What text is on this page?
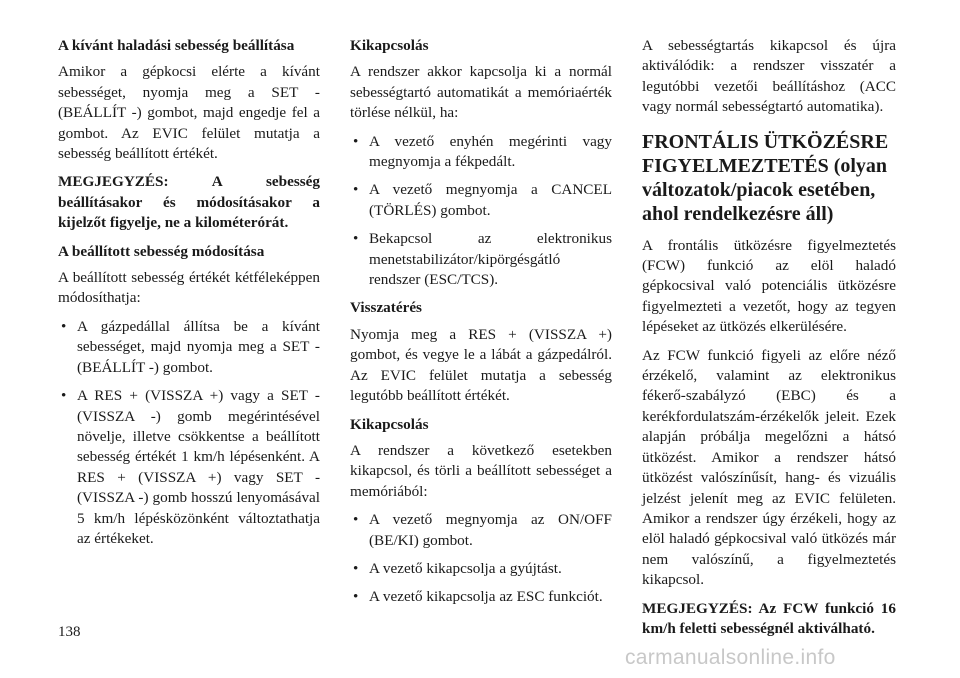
A kívánt haladási sebesség beállítása

Amikor a gépkocsi elérte a kívánt sebességet, nyomja meg a SET - (BEÁLLÍT -) gombot, majd engedje fel a gombot. Az EVIC felület mutatja a sebesség beállított értékét.

MEGJEGYZÉS: A sebesség beállításakor és módosításakor a kijelzőt figyelje, ne a kilométerórát.

A beállított sebesség módosítása

A beállított sebesség értékét kétféleképpen módosíthatja:

• A gázpedállal állítsa be a kívánt sebességet, majd nyomja meg a SET - (BEÁLLÍT -) gombot.
• A RES + (VISSZA +) vagy a SET - (VISSZA -) gomb megérintésével növelje, illetve csökkentse a beállított sebesség értékét 1 km/h lépésenként. A RES + (VISSZA +) vagy SET - (VISSZA -) gomb hosszú lenyomásával 5 km/h lépésközönként változtathatja az értékeket.

Kikapcsolás

A rendszer akkor kapcsolja ki a normál sebességtartó automatikát a memóriaérték törlése nélkül, ha:

• A vezető enyhén megérinti vagy megnyomja a fékpedált.
• A vezető megnyomja a CANCEL (TÖRLÉS) gombot.
• Bekapcsol az elektronikus menetstabilizátor/kipörgésgátló rendszer (ESC/TCS).

Visszatérés

Nyomja meg a RES + (VISSZA +) gombot, és vegye le a lábát a gázpedálról. Az EVIC felület mutatja a sebesség legutóbb beállított értékét.

Kikapcsolás

A rendszer a következő esetekben kikapcsol, és törli a beállított sebességet a memóriából:

• A vezető megnyomja az ON/OFF (BE/KI) gombot.
• A vezető kikapcsolja a gyújtást.
• A vezető kikapcsolja az ESC funkciót.

A sebességtartás kikapcsol és újra aktiválódik: a rendszer visszatér a legutóbbi vezetői beállításhoz (ACC vagy normál sebességtartó automatika).

FRONTÁLIS ÜTKÖZÉSRE FIGYELMEZTETÉS (olyan változatok/piacok esetében, ahol rendelkezésre áll)

A frontális ütközésre figyelmeztetés (FCW) funkció az elöl haladó gépkocsival való potenciális ütközésre figyelmezteti a vezetőt, hogy az tegyen lépéseket az ütközés elkerülésére.

Az FCW funkció figyeli az előre néző érzékelő, valamint az elektronikus fékerő-szabályzó (EBC) és a kerékfordulatszám-érzékelők jeleit. Ezek alapján próbálja megelőzni a hátsó ütközést. Amikor a rendszer hátsó ütközést valószínűsít, hang- és vizuális jelzést jelenít meg az EVIC felületen. Amikor a rendszer úgy érzékeli, hogy az elöl haladó gépkocsival való ütközés már nem valószínű, a figyelmeztetés kikapcsol.

MEGJEGYZÉS: Az FCW funkció 16 km/h feletti sebességnél aktiválható.

138
carmanualsonline.info
